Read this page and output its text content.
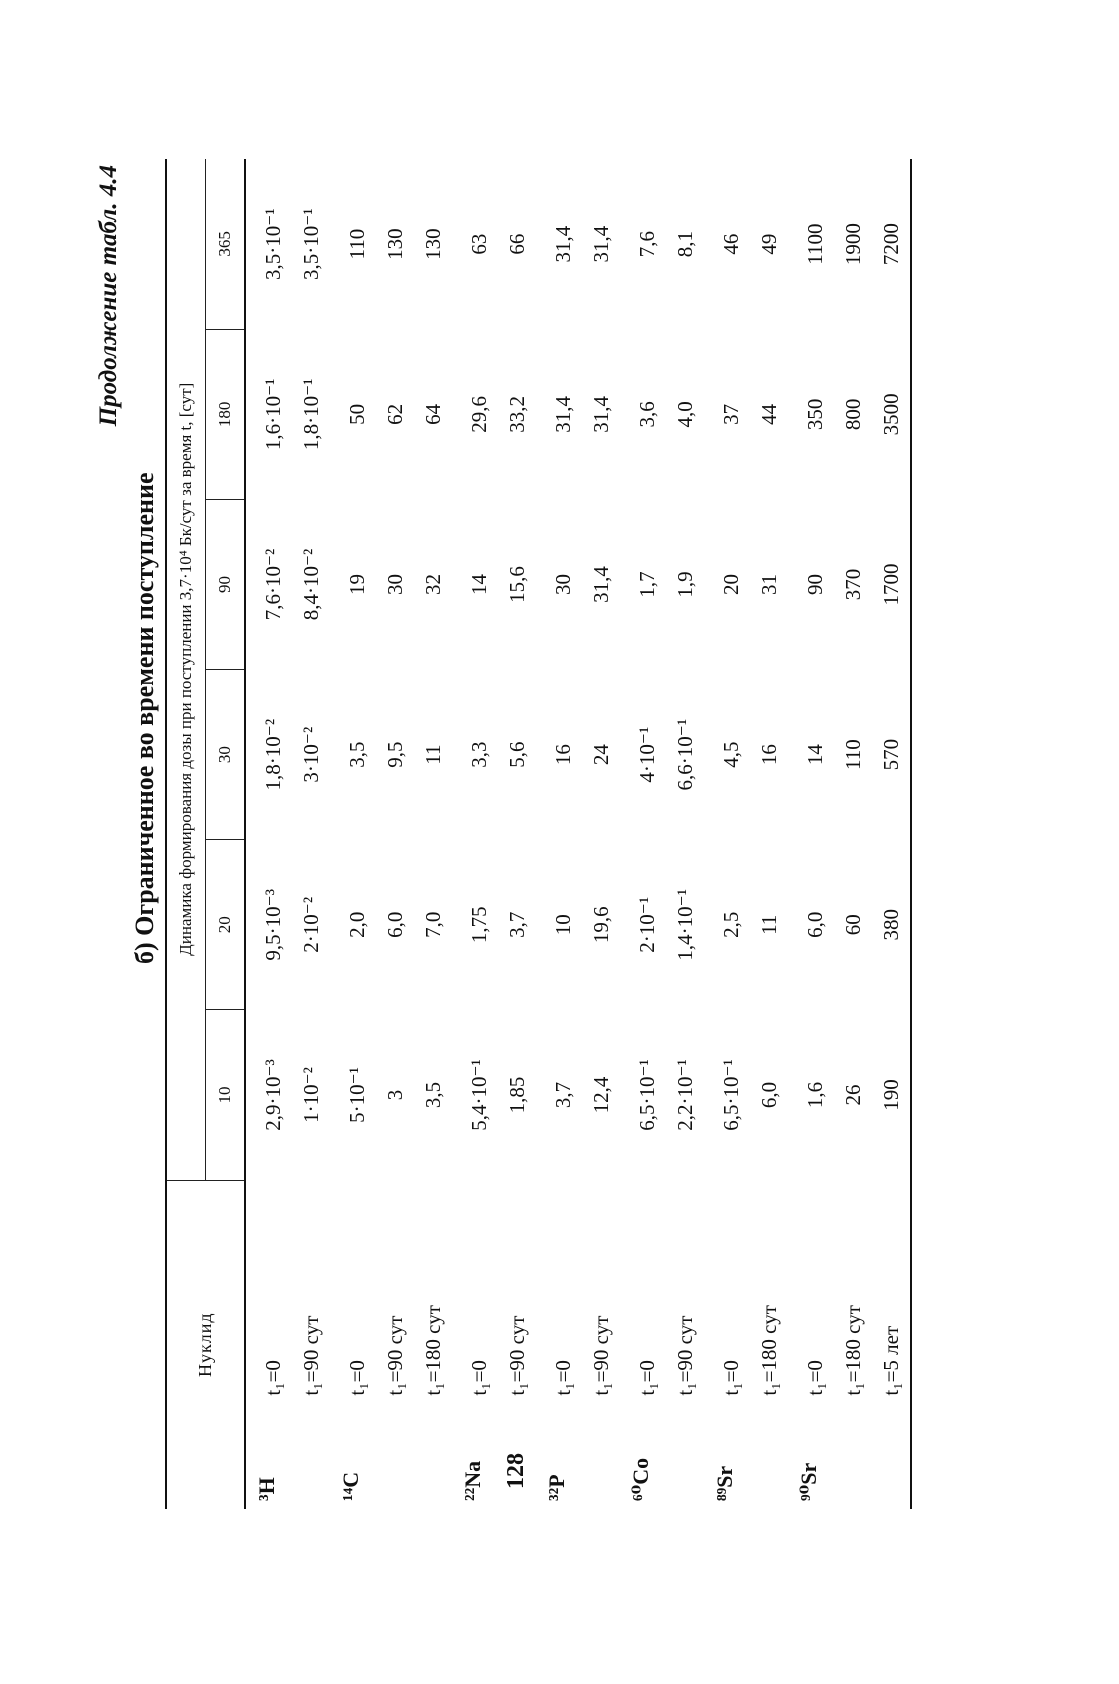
128
Продолжение табл. 4.4
б) Ограниченное во времени поступление
Нуклид		Динамика формирования дозы при поступлении 3,7·10⁴ Бк/сут за время t, [сут]					
		10	20	30	90	180	365
³H	t₁=0	2,9·10⁻³	9,5·10⁻³	1,8·10⁻²	7,6·10⁻²	1,6·10⁻¹	3,5·10⁻¹
	t₁=90 сут	1·10⁻²	2·10⁻²	3·10⁻²	8,4·10⁻²	1,8·10⁻¹	3,5·10⁻¹
¹⁴C	t₁=0	5·10⁻¹	2,0	3,5	19	50	110
	t₁=90 сут	3	6,0	9,5	30	62	130
	t₁=180 сут	3,5	7,0	11	32	64	130
²²Na	t₁=0	5,4·10⁻¹	1,75	3,3	14	29,6	63
	t₁=90 сут	1,85	3,7	5,6	15,6	33,2	66
³²P	t₁=0	3,7	10	16	30	31,4	31,4
	t₁=90 сут	12,4	19,6	24	31,4	31,4	31,4
⁶⁰Co	t₁=0	6,5·10⁻¹	2·10⁻¹	4·10⁻¹	1,7	3,6	7,6
	t₁=90 сут	2,2·10⁻¹	1,4·10⁻¹	6,6·10⁻¹	1,9	4,0	8,1
⁸⁹Sr	t₁=0	6,5·10⁻¹	2,5	4,5	20	37	46
	t₁=180 сут	6,0	11	16	31	44	49
⁹⁰Sr	t₁=0	1,6	6,0	14	90	350	1100
	t₁=180 сут	26	60	110	370	800	1900
	t₁=5 лет	190	380	570	1700	3500	7200
